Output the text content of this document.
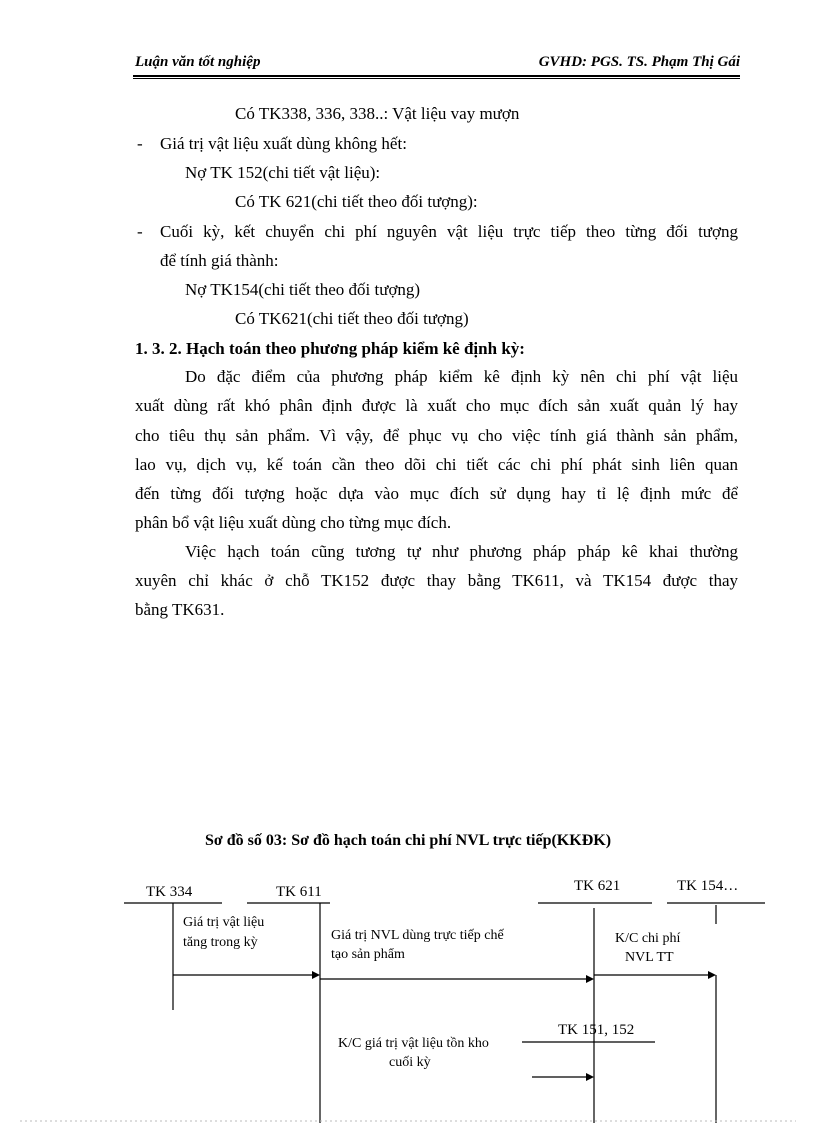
Luận văn tốt nghiệp	GVHD: PGS. TS. Phạm Thị Gái
Có TK338, 336, 338..: Vật liệu vay mượn
- Giá trị vật liệu xuất dùng không hết:
Nợ TK 152(chi tiết vật liệu):
Có TK 621(chi tiết theo đối tượng):
- Cuối kỳ, kết chuyển chi phí nguyên vật liệu trực tiếp theo từng đối tượng
để tính giá thành:
Nợ TK154(chi tiết theo đối tượng)
Có TK621(chi tiết theo đối tượng)
1. 3. 2. Hạch toán theo phương pháp kiểm kê định kỳ:
Do đặc điểm của phương pháp kiểm kê định kỳ nên chi phí vật liệu
xuất dùng rất khó phân định được là xuất cho mục đích sản xuất quản lý hay
cho tiêu thụ sản phẩm. Vì vậy, để phục vụ cho việc tính giá thành sản phẩm,
lao vụ, dịch vụ, kế toán cần theo dõi chi tiết các chi phí phát sinh liên quan
đến từng đối tượng hoặc dựa vào mục đích sử dụng hay tỉ lệ định mức để
phân bổ vật liệu xuất dùng cho từng mục đích.
Việc hạch toán cũng tương tự như phương pháp pháp kê khai thường
xuyên chỉ khác ở chỗ TK152 được thay bằng TK611, và TK154 được thay
bằng TK631.
Sơ đồ số 03: Sơ đồ hạch toán chi phí NVL trực tiếp(KKĐK)
TK 334	TK 611	TK 621	TK 154…
TK 151, 152
Giá trị vật liệu
tăng trong kỳ	Giá trị NVL dùng trực tiếp chế
tạo sản phẩm
K/C chi phí
NVL TT
K/C giá trị vật liệu tồn kho
cuối kỳ
